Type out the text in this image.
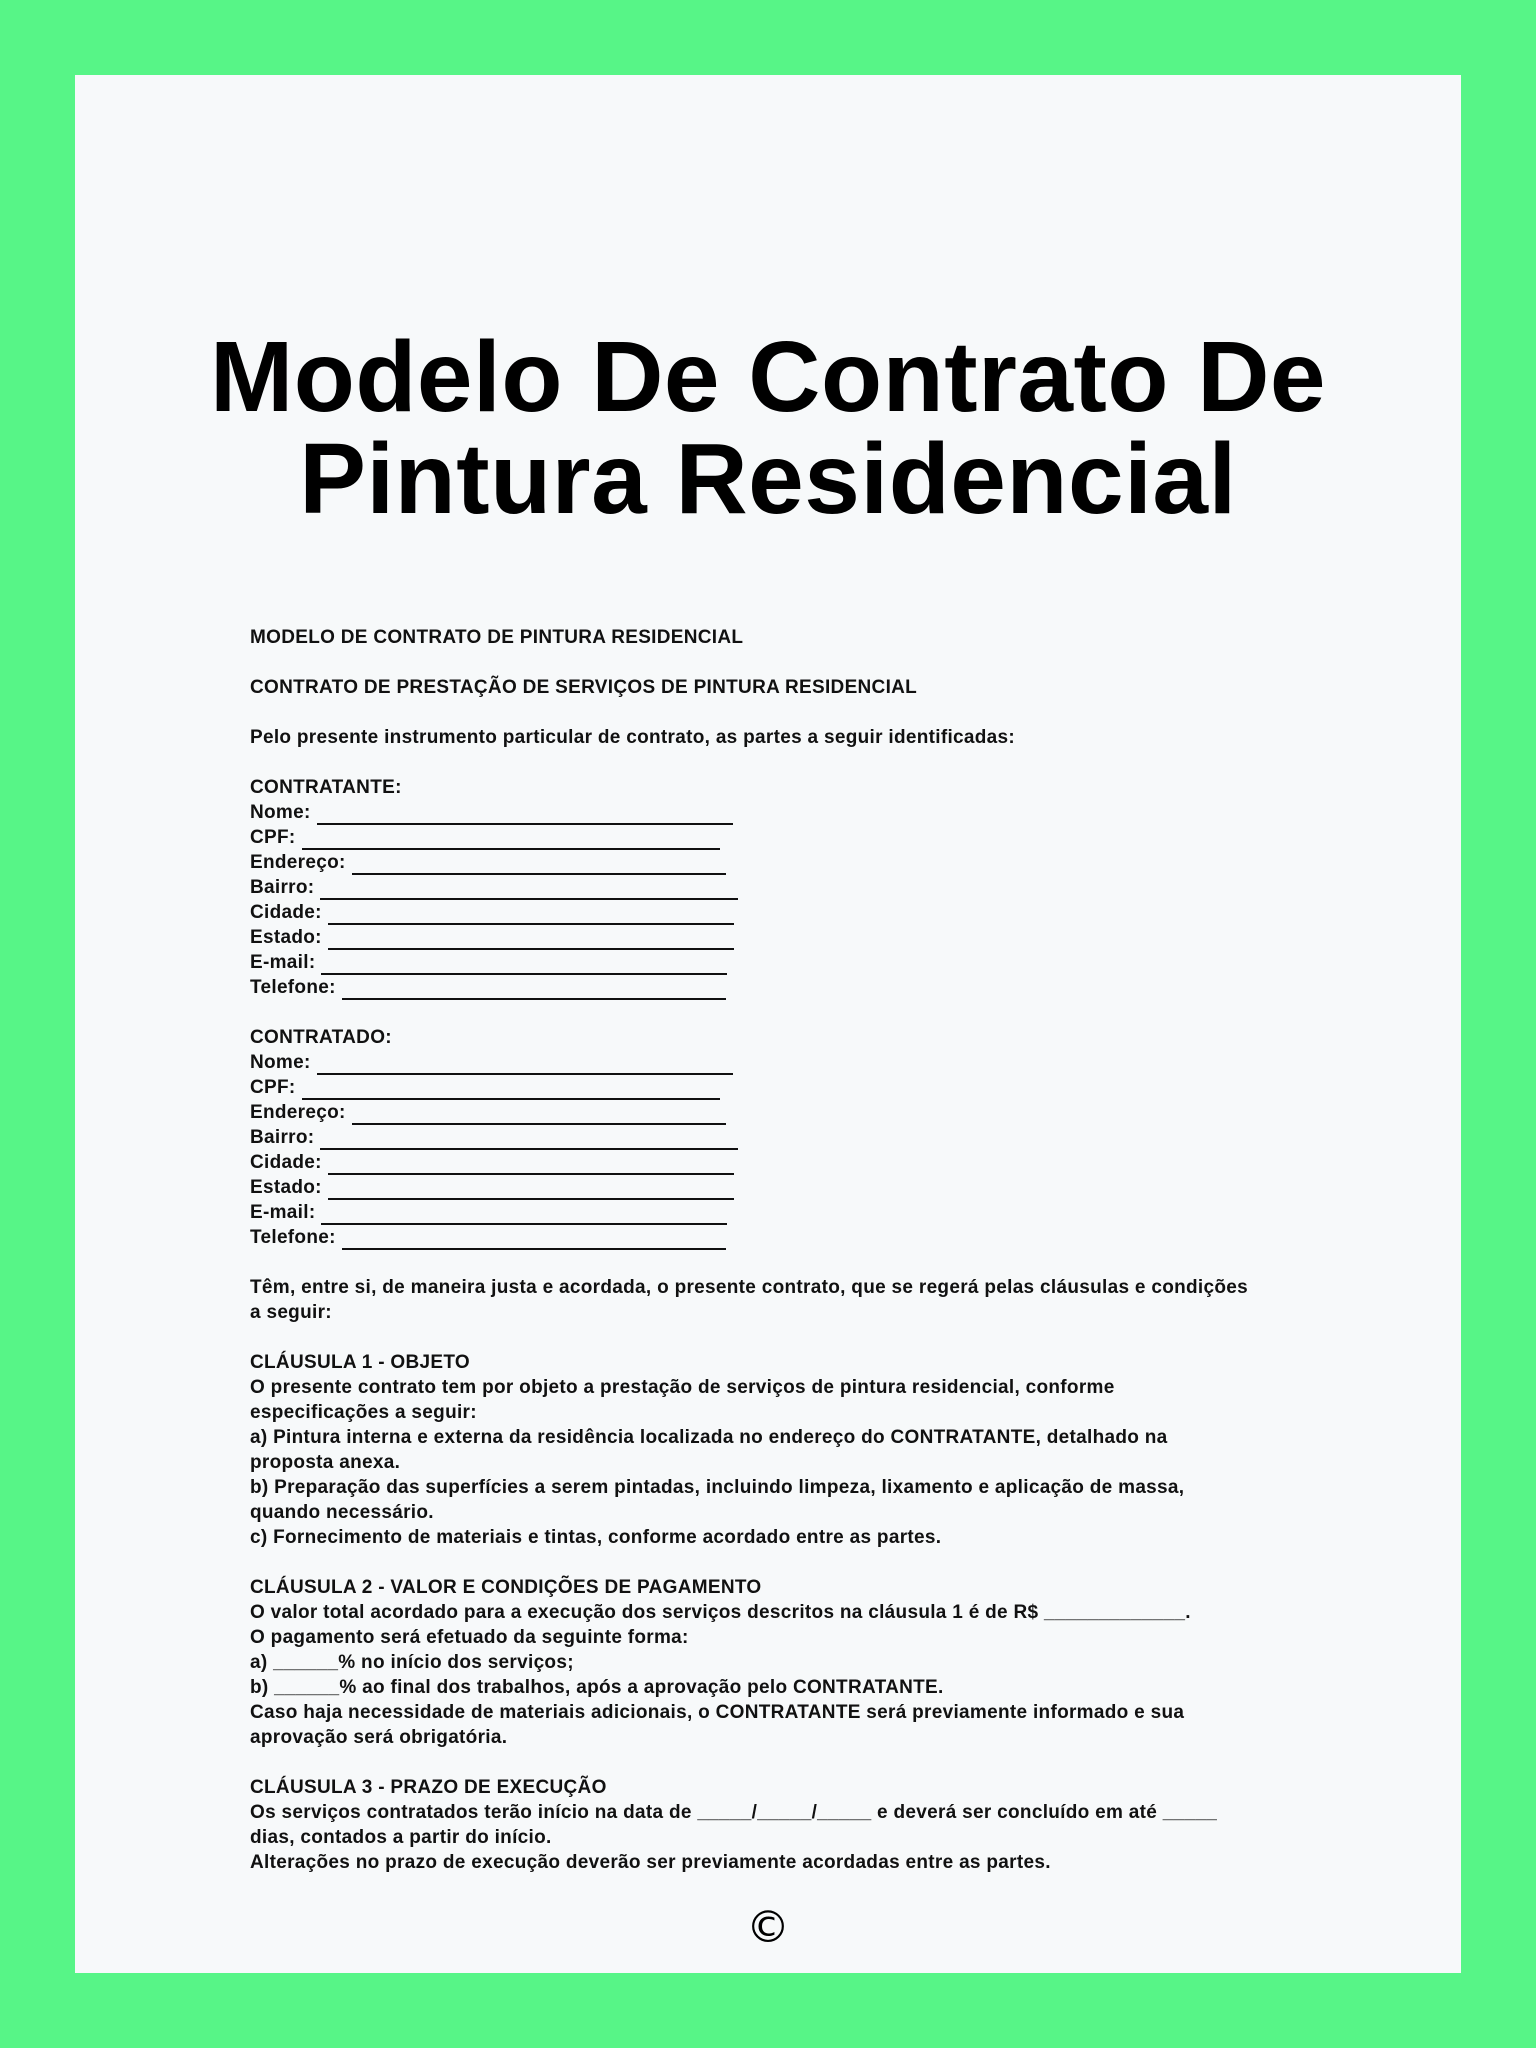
Modelo De Contrato De
Pintura Residencial
MODELO DE CONTRATO DE PINTURA RESIDENCIAL
CONTRATO DE PRESTAÇÃO DE SERVIÇOS DE PINTURA RESIDENCIAL
Pelo presente instrumento particular de contrato, as partes a seguir identificadas:
CONTRATANTE:
Nome:
CPF:
Endereço:
Bairro:
Cidade:
Estado:
E-mail:
Telefone:
CONTRATADO:
Nome:
CPF:
Endereço:
Bairro:
Cidade:
Estado:
E-mail:
Telefone:
Têm, entre si, de maneira justa e acordada, o presente contrato, que se regerá pelas cláusulas e condições
a seguir:
CLÁUSULA 1 - OBJETO
O presente contrato tem por objeto a prestação de serviços de pintura residencial, conforme
especificações a seguir:
a) Pintura interna e externa da residência localizada no endereço do CONTRATANTE, detalhado na
proposta anexa.
b) Preparação das superfícies a serem pintadas, incluindo limpeza, lixamento e aplicação de massa,
quando necessário.
c) Fornecimento de materiais e tintas, conforme acordado entre as partes.
CLÁUSULA 2 - VALOR E CONDIÇÕES DE PAGAMENTO
O valor total acordado para a execução dos serviços descritos na cláusula 1 é de R$ _____________.
O pagamento será efetuado da seguinte forma:
a) ______% no início dos serviços;
b) ______% ao final dos trabalhos, após a aprovação pelo CONTRATANTE.
Caso haja necessidade de materiais adicionais, o CONTRATANTE será previamente informado e sua
aprovação será obrigatória.
CLÁUSULA 3 - PRAZO DE EXECUÇÃO
Os serviços contratados terão início na data de _____/_____/_____ e deverá ser concluído em até _____
dias, contados a partir do início.
Alterações no prazo de execução deverão ser previamente acordadas entre as partes.
©
